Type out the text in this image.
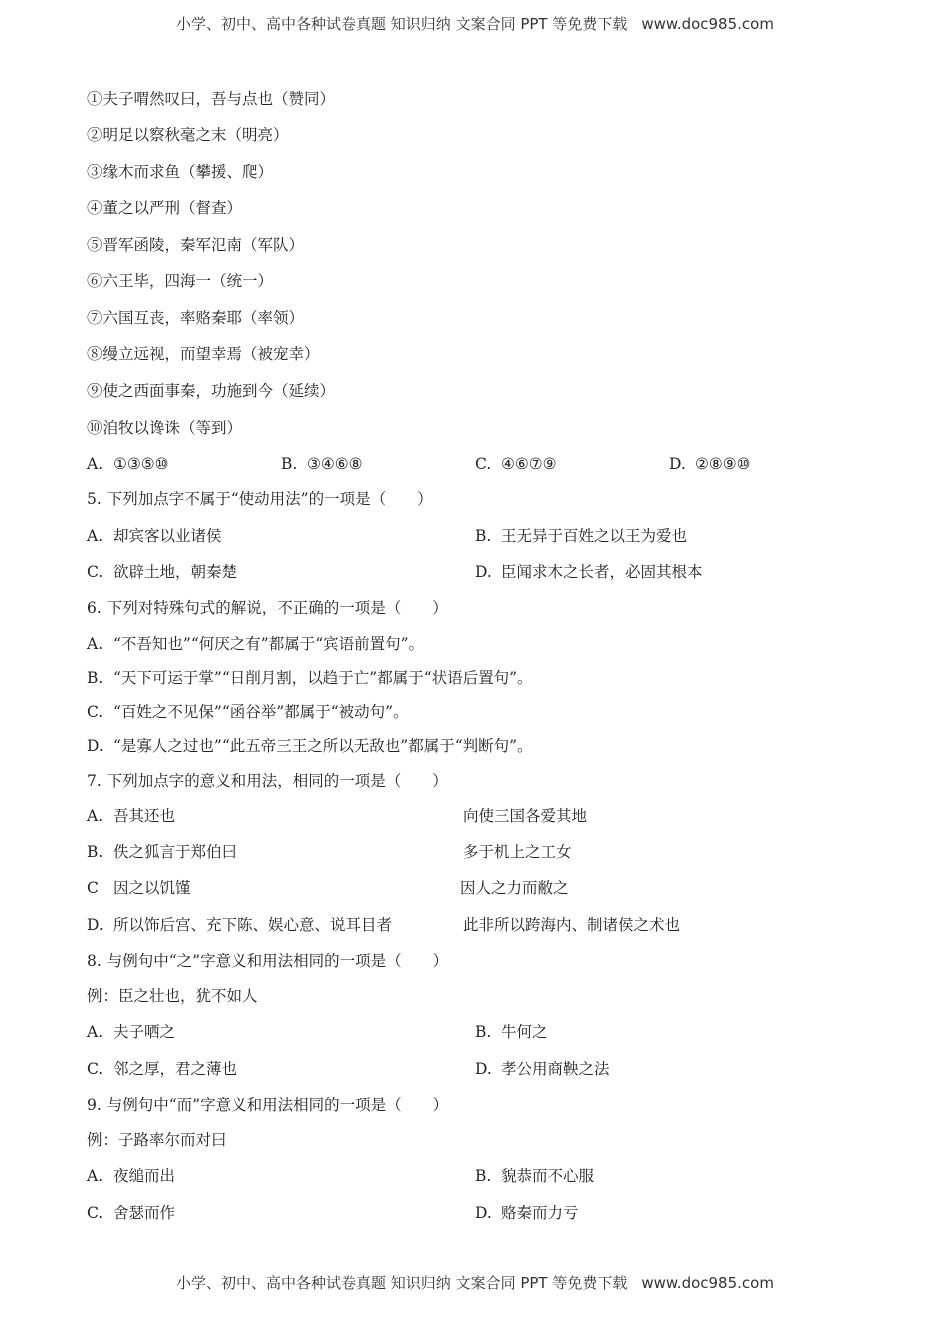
小学、初中、高中各种试卷真题 知识归纳 文案合同 PPT 等免费下载 www.doc985.com
①夫子喟然叹曰，吾与点也（赞同）
②明足以察秋毫之末（明亮）
③缘木而求鱼（攀援、爬）
④董之以严刑（督查）
⑤晋军函陵，秦军氾南（军队）
⑥六王毕，四海一（统一）
⑦六国互丧，率赂秦耶（率领）
⑧缦立远视，而望幸焉（被宠幸）
⑨使之西面事秦，功施到今（延续）
⑩洎牧以谗诛（等到）
A. ①③⑤⑩	B. ③④⑥⑧	C. ④⑥⑦⑨	D. ②⑧⑨⑩
5. 下列加点字不属于“使动用法”的一项是（　　）
A. 却宾客以业诸侯	B. 王无异于百姓之以王为爱也
C. 欲辟土地，朝秦楚	D. 臣闻求木之长者，必固其根本
6. 下列对特殊句式的解说，不正确的一项是（　　）
A. “不吾知也”“何厌之有”都属于“宾语前置句”。
B. “天下可运于掌”“日削月割，以趋于亡”都属于“状语后置句”。
C. “百姓之不见保”“函谷举”都属于“被动句”。
D. “是寡人之过也”“此五帝三王之所以无敌也”都属于“判断句”。
7. 下列加点字的意义和用法，相同的一项是（　　）
A. 吾其还也	向使三国各爱其地
B. 佚之狐言于郑伯曰	多于机上之工女
C 因之以饥馑	因人之力而敝之
D. 所以饰后宫、充下陈、娱心意、说耳目者	此非所以跨海内、制诸侯之术也
8. 与例句中“之”字意义和用法相同的一项是（　　）
例：臣之壮也，犹不如人
A. 夫子哂之	B. 牛何之
C. 邻之厚，君之薄也	D. 孝公用商鞅之法
9. 与例句中“而”字意义和用法相同的一项是（　　）
例：子路率尔而对曰
A. 夜缒而出	B. 貌恭而不心服
C. 舍瑟而作	D. 赂秦而力亏
小学、初中、高中各种试卷真题 知识归纳 文案合同 PPT 等免费下载 www.doc985.com
